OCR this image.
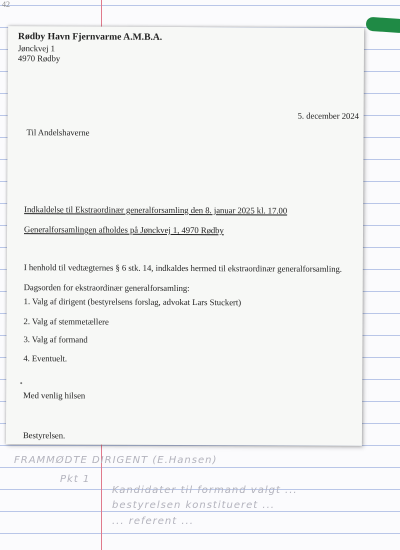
42
Rødby Havn Fjernvarme A.M.B.A.
Jønckvej 1
4970 Rødby
5. december 2024
Til Andelshaverne
Indkaldelse til Ekstraordinær generalforsamling den 8. januar 2025 kl. 17.00
Generalforsamlingen afholdes på Jønckvej 1, 4970 Rødby
I henhold til vedtægternes § 6 stk. 14, indkaldes hermed til ekstraordinær generalforsamling.
Dagsorden for ekstraordinær generalforsamling:
1. Valg af dirigent (bestyrelsens forslag, advokat Lars Stuckert)
2. Valg af stemmetællere
3. Valg af formand
4. Eventuelt.
Med venlig hilsen
Bestyrelsen.
FRAMMØDTE DIRIGENT (E.Hansen)
Pkt 1
Kandidater til formand valgt ...
bestyrelsen konstitueret ...
... referent ...
